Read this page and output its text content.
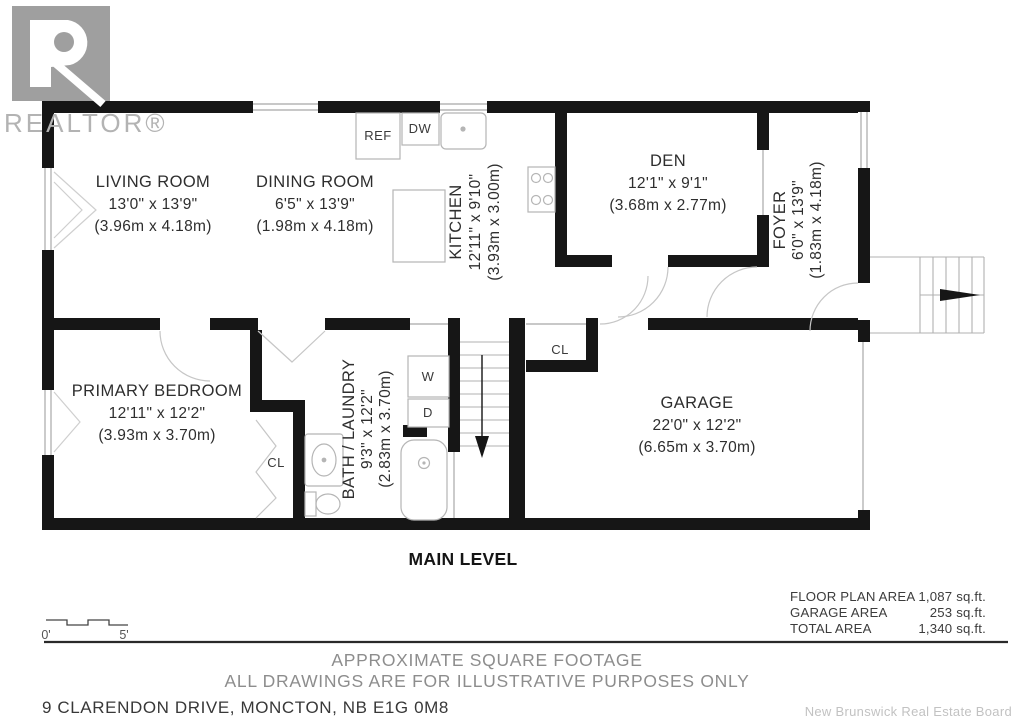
LIVING ROOM
13'0" x 13'9"
(3.96m x 4.18m)
DINING ROOM
6'5" x 13'9"
(1.98m x 4.18m)	KITCHEN 12'11" x 9'10" (3.93m x 3.00m)
DEN
12'1" x 9'1"
(3.68m x 2.77m)	FOYER 6'0" x 13'9" (1.83m x 4.18m)
PRIMARY BEDROOM
12'11" x 12'2"
(3.93m x 3.70m)	BATH / LAUNDRY 9'3" x 12'2" (2.83m x 3.70m)	GARAGE
22'0" x 12'2"
(6.65m x 3.70m)
REF DW
W
D
CL
CL
REALTOR®
MAIN LEVEL
0'	5'
FLOOR PLAN AREA 1,087 sq.ft.
GARAGE AREA	253 sq.ft.
TOTAL AREA	1,340 sq.ft.
APPROXIMATE SQUARE FOOTAGE
ALL DRAWINGS ARE FOR ILLUSTRATIVE PURPOSES ONLY
9 CLARENDON DRIVE, MONCTON, NB E1G 0M8	New Brunswick Real Estate Board
